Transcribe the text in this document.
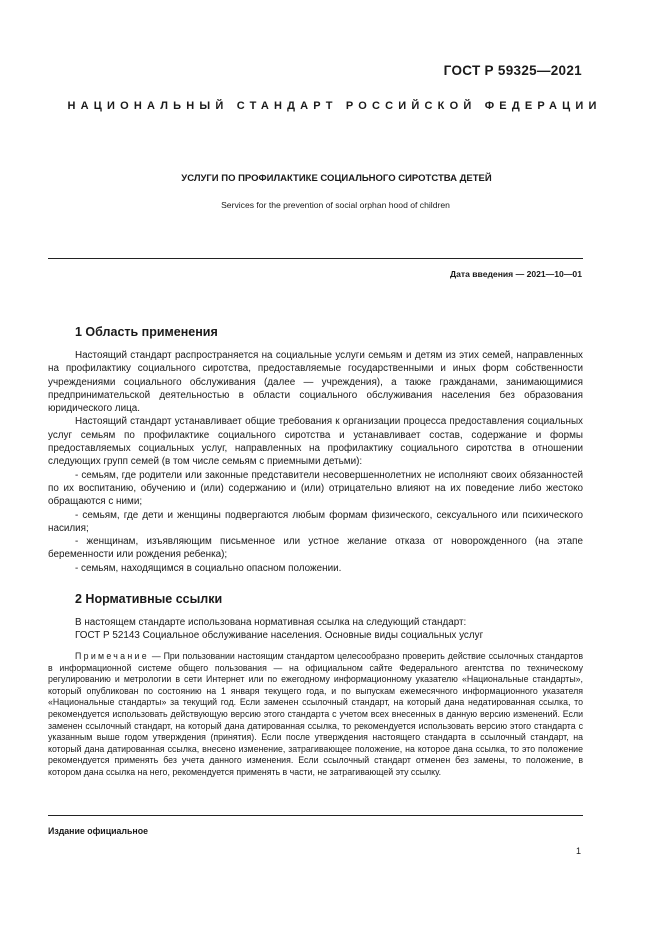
ГОСТ Р 59325—2021
НАЦИОНАЛЬНЫЙ СТАНДАРТ РОССИЙСКОЙ ФЕДЕРАЦИИ
УСЛУГИ ПО ПРОФИЛАКТИКЕ СОЦИАЛЬНОГО СИРОТСТВА ДЕТЕЙ
Services for the prevention of social orphan hood of children
Дата введения — 2021—10—01
1 Область применения

Настоящий стандарт распространяется на социальные услуги семьям и детям из этих семей, направленных на профилактику социального сиротства, предоставляемые государственными и иных форм собственности учреждениями социального обслуживания (далее — учреждения), а также гражданами, занимающимися предпринимательской деятельностью в области социального обслуживания населения без образования юридического лица.

Настоящий стандарт устанавливает общие требования к организации процесса предоставления социальных услуг семьям по профилактике социального сиротства и устанавливает состав, содержание и формы предоставляемых социальных услуг, направленных на профилактику социального сиротства в отношении следующих групп семей (в том числе семьям с приемными детьми):

- семьям, где родители или законные представители несовершеннолетних не исполняют своих обязанностей по их воспитанию, обучению и (или) содержанию и (или) отрицательно влияют на их поведение либо жестоко обращаются с ними;

- семьям, где дети и женщины подвергаются любым формам физического, сексуального или психического насилия;

- женщинам, изъявляющим письменное или устное желание отказа от новорожденного (на этапе беременности или рождения ребенка);

- семьям, находящимся в социально опасном положении.

2 Нормативные ссылки

В настоящем стандарте использована нормативная ссылка на следующий стандарт:

ГОСТ Р 52143 Социальное обслуживание населения. Основные виды социальных услуг

Примечание — При пользовании настоящим стандартом целесообразно проверить действие ссылочных стандартов в информационной системе общего пользования — на официальном сайте Федерального агентства по техническому регулированию и метрологии в сети Интернет или по ежегодному информационному указателю «Национальные стандарты», который опубликован по состоянию на 1 января текущего года, и по выпускам ежемесячного информационного указателя «Национальные стандарты» за текущий год. Если заменен ссылочный стандарт, на который дана недатированная ссылка, то рекомендуется использовать действующую версию этого стандарта с учетом всех внесенных в данную версию изменений. Если заменен ссылочный стандарт, на который дана датированная ссылка, то рекомендуется использовать версию этого стандарта с указанным выше годом утверждения (принятия). Если после утверждения настоящего стандарта в ссылочный стандарт, на который дана датированная ссылка, внесено изменение, затрагивающее положение, на которое дана ссылка, то это положение рекомендуется применять без учета данного изменения. Если ссылочный стандарт отменен без замены, то положение, в котором дана ссылка на него, рекомендуется применять в части, не затрагивающей эту ссылку.

Издание официальное
1
